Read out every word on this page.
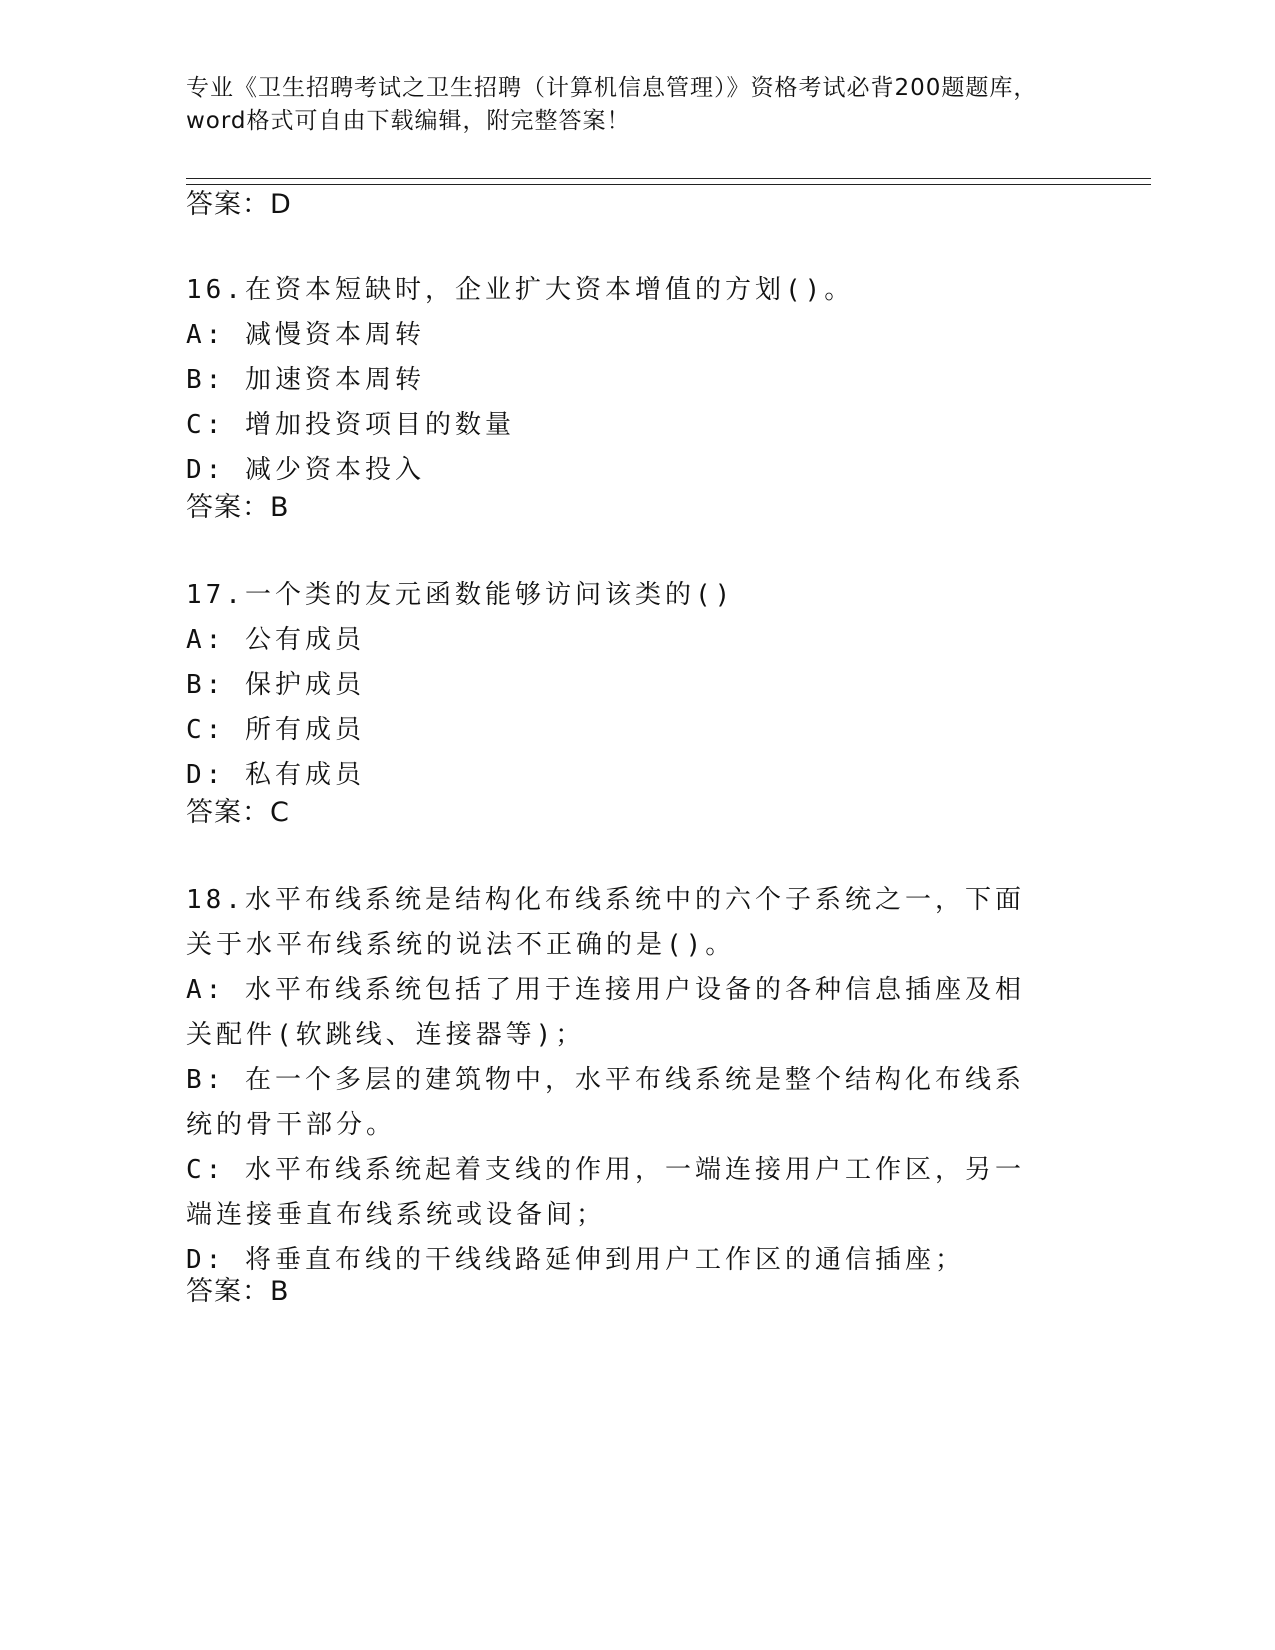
专业《卫生招聘考试之卫生招聘（计算机信息管理）》资格考试必背200题题库，
word格式可自由下载编辑，附完整答案！
答案：D
16.在资本短缺时，企业扩大资本增值的方划()。
A: 减慢资本周转
B: 加速资本周转
C: 增加投资项目的数量
D: 减少资本投入
答案：B
17.一个类的友元函数能够访问该类的()
A: 公有成员
B: 保护成员
C: 所有成员
D: 私有成员
答案：C
18.水平布线系统是结构化布线系统中的六个子系统之一，下面关于水平布线系统的说法不正确的是()。
A: 水平布线系统包括了用于连接用户设备的各种信息插座及相关配件(软跳线、连接器等)；
B: 在一个多层的建筑物中，水平布线系统是整个结构化布线系统的骨干部分。
C: 水平布线系统起着支线的作用，一端连接用户工作区，另一端连接垂直布线系统或设备间；
D: 将垂直布线的干线线路延伸到用户工作区的通信插座；
答案：B
